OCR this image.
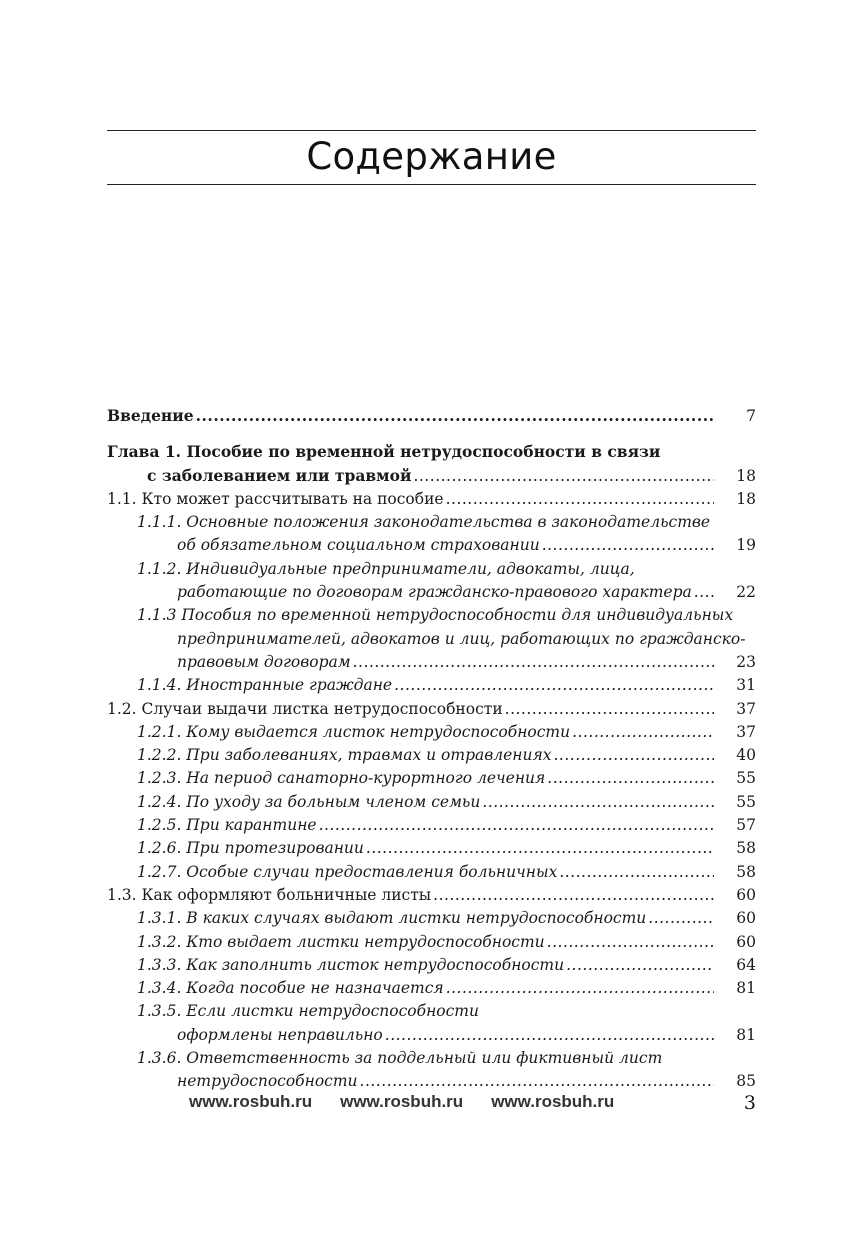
Содержание
Введение .....	7
Глава 1. Пособие по временной нетрудоспособности в связи
с заболеванием или травмой .....	18
1.1. Кто может рассчитывать на пособие .....	18
1.1.1. Основные положения законодательства в законодательстве
об обязательном социальном страховании .....	19
1.1.2. Индивидуальные предприниматели, адвокаты, лица,
работающие по договорам гражданско-правового характера .....	22
1.1.3 Пособия по временной нетрудоспособности для индивидуальных
предпринимателей, адвокатов и лиц, работающих по гражданско-
правовым договорам .....	23
1.1.4. Иностранные граждане .....	31
1.2. Случаи выдачи листка нетрудоспособности .....	37
1.2.1. Кому выдается листок нетрудоспособности .....	37
1.2.2. При заболеваниях, травмах и отравлениях .....	40
1.2.3. На период санаторно-курортного лечения .....	55
1.2.4. По уходу за больным членом семьи .....	55
1.2.5. При карантине .....	57
1.2.6. При протезировании .....	58
1.2.7. Особые случаи предоставления больничных .....	58
1.3. Как оформляют больничные листы .....	60
1.3.1. В каких случаях выдают листки нетрудоспособности .....	60
1.3.2. Кто выдает листки нетрудоспособности .....	60
1.3.3. Как заполнить листок нетрудоспособности .....	64
1.3.4. Когда пособие не назначается .....	81
1.3.5. Если листки нетрудоспособности
оформлены неправильно .....	81
1.3.6. Ответственность за поддельный или фиктивный лист
нетрудоспособности .....	85
www.rosbuh.ru www.rosbuh.ru www.rosbuh.ru	3
